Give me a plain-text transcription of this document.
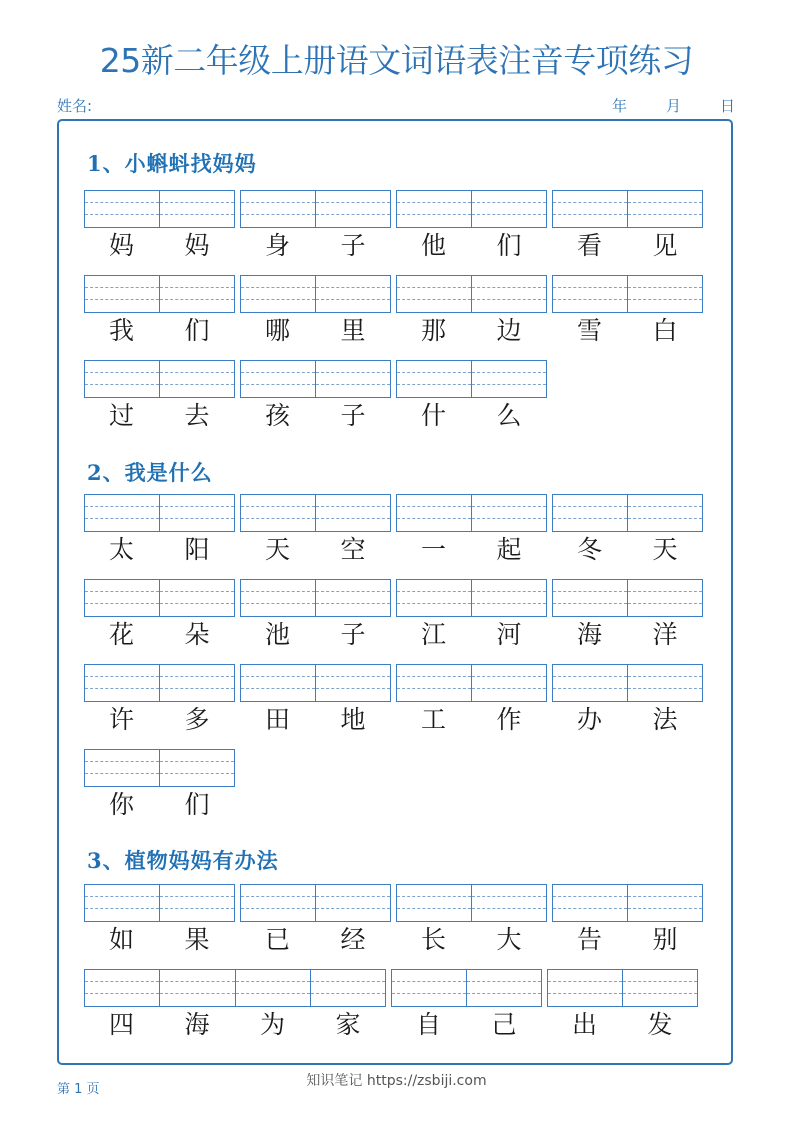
25新二年级上册语文词语表注音专项练习
姓名:	年	月	日
1、小蝌蚪找妈妈
妈	妈	身	子	他	们	看	见
我	们	哪	里	那	边	雪	白
过	去	孩	子	什	么
2、我是什么
太	阳	天	空	一	起	冬	天
花	朵	池	子	江	河	海	洋
许	多	田	地	工	作	办	法
你	们
3、植物妈妈有办法
如	果	已	经	长	大	告	别
四	海	为	家	自	己	出	发
第 1 页
知识笔记 https://zsbiji.com
